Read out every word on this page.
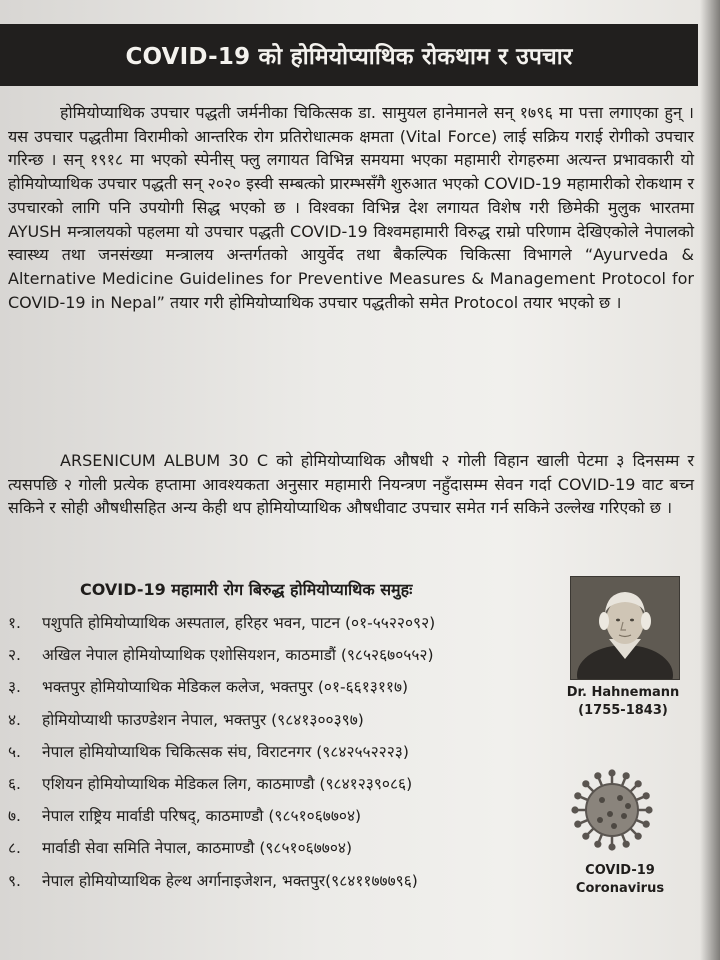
COVID-19 को होमियोप्याथिक रोकथाम र उपचार

होमियोप्याथिक उपचार पद्धती जर्मनीका चिकित्सक डा. सामुयल हानेमानले सन् १७९६ मा पत्ता लगाएका हुन् । यस उपचार पद्धतीमा विरामीको आन्तरिक रोग प्रतिरोधात्मक क्षमता (Vital Force) लाई सक्रिय गराई रोगीको उपचार गरिन्छ । सन् १९१८ मा भएको स्पेनीस् फ्लु लगायत विभिन्न समयमा भएका महामारी रोगहरुमा अत्यन्त प्रभावकारी यो होमियोप्याथिक उपचार पद्धती सन् २०२० इस्वी सम्बत्को प्रारम्भसँगै शुरुआत भएको COVID-19 महामारीको रोकथाम र उपचारको लागि पनि उपयोगी सिद्ध भएको छ । विश्वका विभिन्न देश लगायत विशेष गरी छिमेकी मुलुक भारतमा AYUSH मन्त्रालयको पहलमा यो उपचार पद्धती COVID-19 विश्वमहामारी विरुद्ध राम्रो परिणाम देखिएकोले नेपालको स्वास्थ्य तथा जनसंख्या मन्त्रालय अन्तर्गतको आयुर्वेद तथा बैकल्पिक चिकित्सा विभागले “Ayurveda & Alternative Medicine Guidelines for Preventive Measures & Management Protocol for COVID-19 in Nepal” तयार गरी होमियोप्याथिक उपचार पद्धतीको समेत Protocol तयार भएको छ ।

ARSENICUM ALBUM 30 C को होमियोप्याथिक औषधी २ गोली विहान खाली पेटमा ३ दिनसम्म र त्यसपछि २ गोली प्रत्येक हप्तामा आवश्यकता अनुसार महामारी नियन्त्रण नहुँदासम्म सेवन गर्दा COVID-19 वाट बच्न सकिने र सोही औषधीसहित अन्य केही थप होमियोप्याथिक औषधीवाट उपचार समेत गर्न सकिने उल्लेख गरिएको छ ।

COVID-19 महामारी रोग बिरुद्ध होमियोप्याथिक समुहः
१.	पशुपति होमियोप्याथिक अस्पताल, हरिहर भवन, पाटन (०१-५५२२०९२)
२.	अखिल नेपाल होमियोप्याथिक एशोसियशन, काठमाडौं (९८५२६७०५५२)
३.	भक्तपुर होमियोप्याथिक मेडिकल कलेज, भक्तपुर (०१-६६१३११७)
४.	होमियोप्याथी फाउण्डेशन नेपाल, भक्तपुर (९८४१३००३९७)
५.	नेपाल होमियोप्याथिक चिकित्सक संघ, विराटनगर (९८४२५५२२२३)
६.	एशियन होमियोप्याथिक मेडिकल लिग, काठमाण्डौ (९८४१२३९०८६)
७.	नेपाल राष्ट्रिय मार्वाडी परिषद्, काठमाण्डौ (९८५१०६७७०४)
८.	मार्वाडी सेवा समिति नेपाल, काठमाण्डौ (९८५१०६७७०४)
९.	नेपाल होमियोप्याथिक हेल्थ अर्गानाइजेशन, भक्तपुर(९८४११७७७९६)
Dr. Hahnemann
(1755-1843)
COVID-19
Coronavirus
